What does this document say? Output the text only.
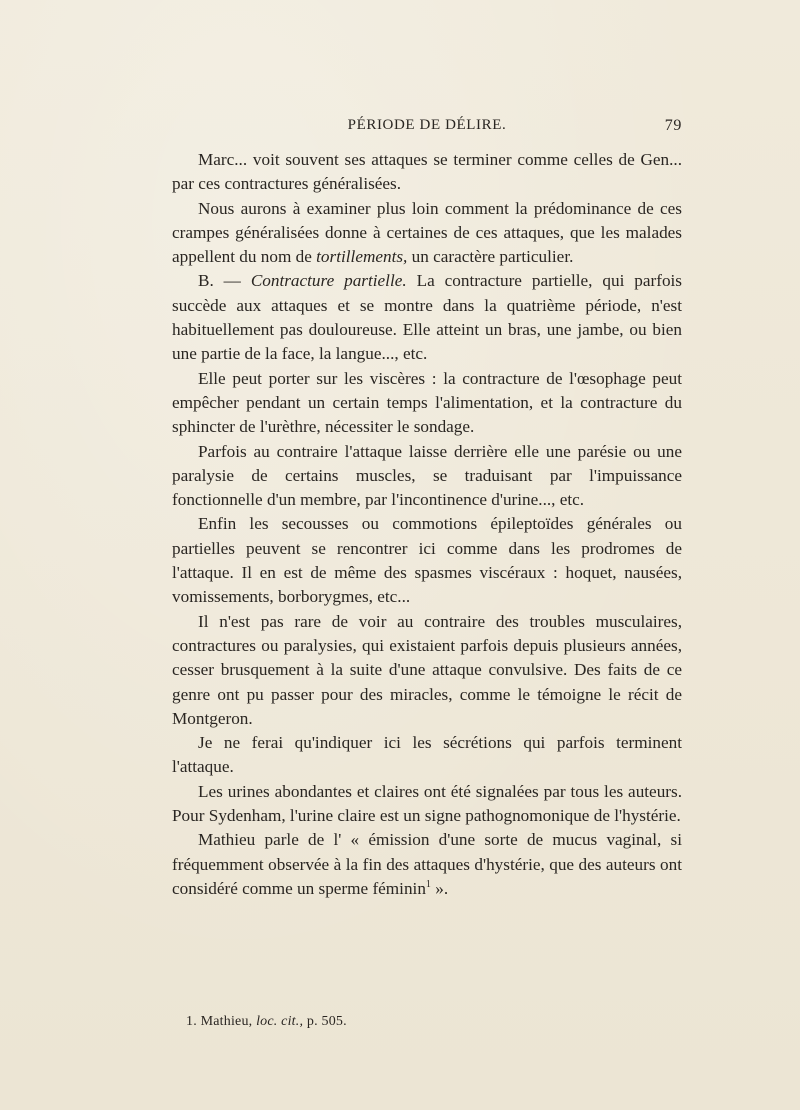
PÉRIODE DE DÉLIRE.	79

Marc... voit souvent ses attaques se terminer comme celles de Gen... par ces contractures généralisées.

Nous aurons à examiner plus loin comment la prédominance de ces crampes généralisées donne à certaines de ces attaques, que les malades appellent du nom de tortillements, un caractère particulier.

B. — Contracture partielle. La contracture partielle, qui parfois succède aux attaques et se montre dans la quatrième période, n'est habituellement pas douloureuse. Elle atteint un bras, une jambe, ou bien une partie de la face, la langue..., etc.

Elle peut porter sur les viscères : la contracture de l'œsophage peut empêcher pendant un certain temps l'alimentation, et la contracture du sphincter de l'urèthre, nécessiter le sondage.

Parfois au contraire l'attaque laisse derrière elle une parésie ou une paralysie de certains muscles, se traduisant par l'impuissance fonctionnelle d'un membre, par l'incontinence d'urine..., etc.

Enfin les secousses ou commotions épileptoïdes générales ou partielles peuvent se rencontrer ici comme dans les prodromes de l'attaque. Il en est de même des spasmes viscéraux : hoquet, nausées, vomissements, borborygmes, etc...

Il n'est pas rare de voir au contraire des troubles musculaires, contractures ou paralysies, qui existaient parfois depuis plusieurs années, cesser brusquement à la suite d'une attaque convulsive. Des faits de ce genre ont pu passer pour des miracles, comme le témoigne le récit de Montgeron.

Je ne ferai qu'indiquer ici les sécrétions qui parfois terminent l'attaque.

Les urines abondantes et claires ont été signalées par tous les auteurs. Pour Sydenham, l'urine claire est un signe pathognomonique de l'hystérie.

Mathieu parle de l' « émission d'une sorte de mucus vaginal, si fréquemment observée à la fin des attaques d'hystérie, que des auteurs ont considéré comme un sperme féminin$^1$ ».

1. Mathieu, loc. cit., p. 505.
